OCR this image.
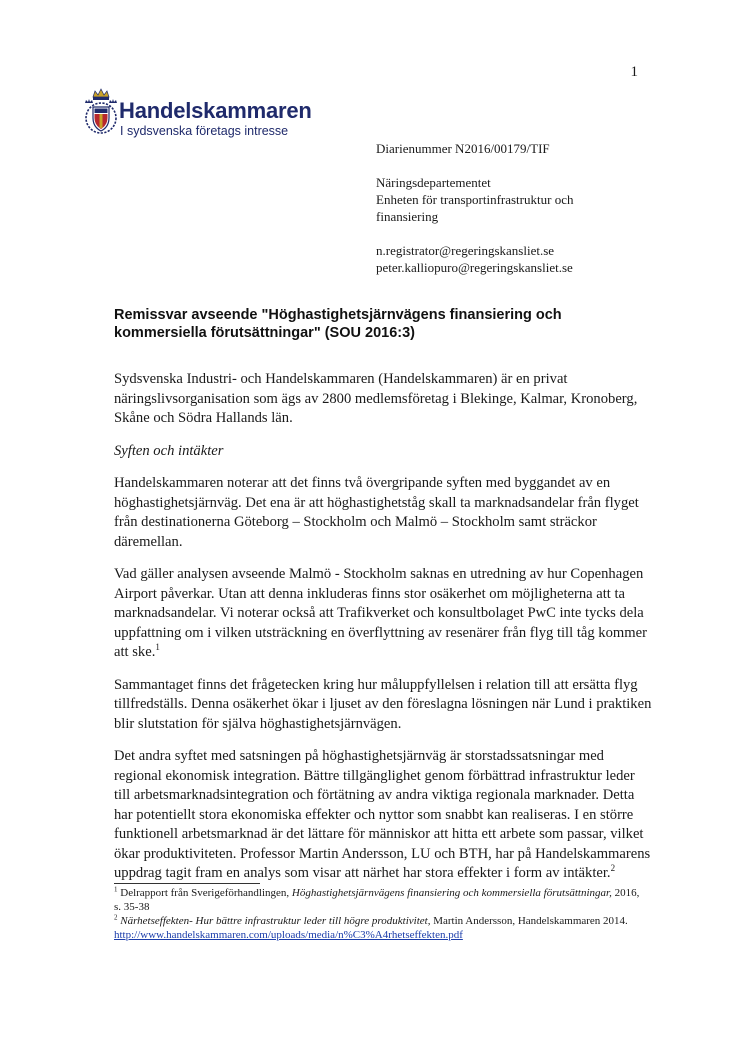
1
Handelskammaren
I sydsvenska företags intresse
Diarienummer N2016/00179/TIF
Näringsdepartementet
Enheten för transportinfrastruktur och
finansiering
n.registrator@regeringskansliet.se
peter.kalliopuro@regeringskansliet.se
Remissvar avseende "Höghastighetsjärnvägens finansiering och kommersiella förutsättningar" (SOU 2016:3)

Sydsvenska Industri- och Handelskammaren (Handelskammaren) är en privat näringslivsorganisation som ägs av 2800 medlemsföretag i Blekinge, Kalmar, Kronoberg, Skåne och Södra Hallands län.

Syften och intäkter

Handelskammaren noterar att det finns två övergripande syften med byggandet av en höghastighetsjärnväg. Det ena är att höghastighetståg skall ta marknadsandelar från flyget från destinationerna Göteborg – Stockholm och Malmö – Stockholm samt sträckor däremellan.

Vad gäller analysen avseende Malmö - Stockholm saknas en utredning av hur Copenhagen Airport påverkar. Utan att denna inkluderas finns stor osäkerhet om möjligheterna att ta marknadsandelar. Vi noterar också att Trafikverket och konsultbolaget PwC inte tycks dela uppfattning om i vilken utsträckning en överflyttning av resenärer från flyg till tåg kommer att ske.$^1$

Sammantaget finns det frågetecken kring hur måluppfyllelsen i relation till att ersätta flyg tillfredställs. Denna osäkerhet ökar i ljuset av den föreslagna lösningen när Lund i praktiken blir slutstation för själva höghastighetsjärnvägen.

Det andra syftet med satsningen på höghastighetsjärnväg är storstadssatsningar med regional ekonomisk integration. Bättre tillgänglighet genom förbättrad infrastruktur leder till arbetsmarknadsintegration och förtätning av andra viktiga regionala marknader. Detta har potentiellt stora ekonomiska effekter och nyttor som snabbt kan realiseras. I en större funktionell arbetsmarknad är det lättare för människor att hitta ett arbete som passar, vilket ökar produktiviteten. Professor Martin Andersson, LU och BTH, har på Handelskammarens uppdrag tagit fram en analys som visar att närhet har stora effekter i form av intäkter.$^2$

$^1$ Delrapport från Sverigeförhandlingen, Höghastighetsjärnvägens finansiering och kommersiella förutsättningar, 2016, s. 35-38

$^2$ Närhetseffekten- Hur bättre infrastruktur leder till högre produktivitet, Martin Andersson, Handelskammaren 2014. http://www.handelskammaren.com/uploads/media/n%C3%A4rhetseffekten.pdf
